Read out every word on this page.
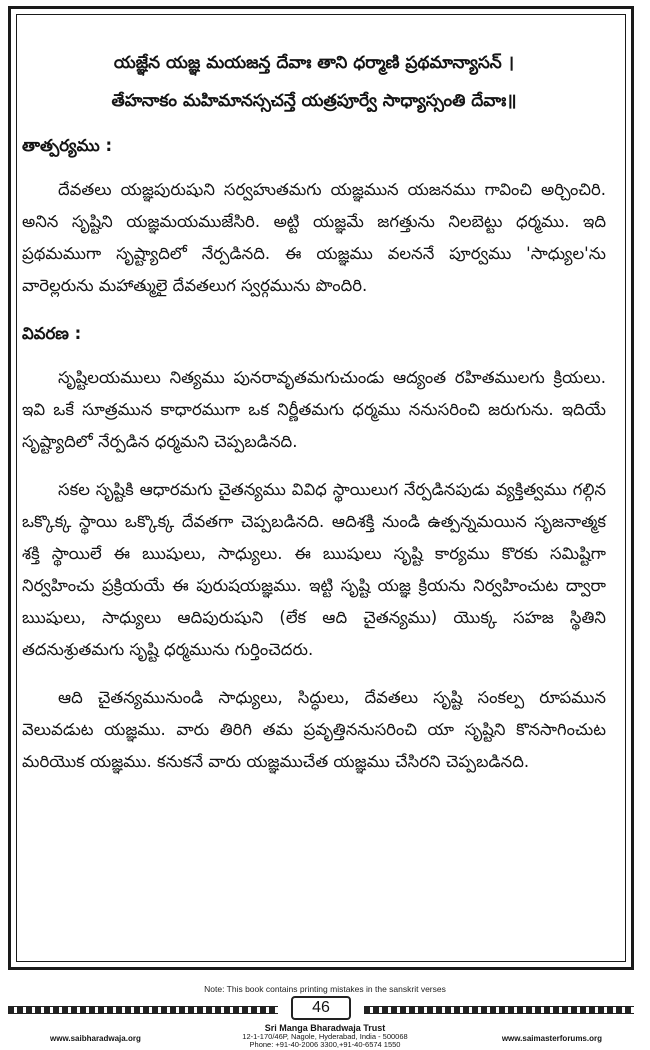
యజ్ఞేన యజ్ఞ మయజన్త దేవాః తాని ధర్మాణి ప్రథమాన్యాసన్ ।
తేహనాకం మహిమానస్సచన్తే యత్రపూర్వే సాధ్యాస్సంతి దేవాః॥
తాత్పర్యము :

దేవతలు యజ్ఞపురుషుని సర్వహుతమగు యజ్ఞమున యజనము గావించి అర్చించిరి. అనిన సృష్టిని యజ్ఞమయముజేసిరి. అట్టి యజ్ఞమే జగత్తును నిలబెట్టు ధర్మము. ఇది ప్రథమముగా సృష్ట్యాదిలో నేర్పడినది. ఈ యజ్ఞము వలననే పూర్వము 'సాధ్యుల'ను వారెల్లరును మహాత్ములై దేవతలుగ స్వర్గమును పొందిరి.

వివరణ :

సృష్టిలయములు నిత్యము పునరావృతమగుచుండు ఆద్యంత రహితములగు క్రియలు. ఇవి ఒకే సూత్రమున కాధారముగా ఒక నిర్ణీతమగు ధర్మము ననుసరించి జరుగును. ఇదియే సృష్ట్యాదిలో నేర్పడిన ధర్మమని చెప్పబడినది.

సకల సృష్టికి ఆధారమగు చైతన్యము వివిధ స్థాయిలుగ నేర్పడినపుడు వ్యక్తిత్వము గల్గిన ఒక్కొక్క స్థాయి ఒక్కొక్క దేవతగా చెప్పబడినది. ఆదిశక్తి నుండి ఉత్పన్నమయిన సృజనాత్మక శక్తి స్థాయిలే ఈ ఋషులు, సాధ్యులు. ఈ ఋషులు సృష్టి కార్యము కొరకు సమిష్టిగా నిర్వహించు ప్రక్రియయే ఈ పురుషయజ్ఞము. ఇట్టి సృష్టి యజ్ఞ క్రియను నిర్వహించుట ద్వారా ఋషులు, సాధ్యులు ఆదిపురుషుని (లేక ఆది చైతన్యము) యొక్క సహజ స్థితిని తదనుశ్రుతమగు సృష్టి ధర్మమును గుర్తించెదరు.

ఆది చైతన్యమునుండి సాధ్యులు, సిద్ధులు, దేవతలు సృష్టి సంకల్ప రూపమున వెలువడుట యజ్ఞము. వారు తిరిగి తమ ప్రవృత్తిననుసరించి యా సృష్టిని కొనసాగించుట మరియొక యజ్ఞము. కనుకనే వారు యజ్ఞముచేత యజ్ఞము చేసిరని చెప్పబడినది.

Note: This book contains printing mistakes in the sanskrit verses
46
www.saibharadwaja.org
Sri Manga Bharadwaja Trust
12-1-170/46P, Nagole, Hyderabad, India - 500068
Phone: +91-40-2006 3300,+91-40-6574 1550
www.saimasterforums.org
